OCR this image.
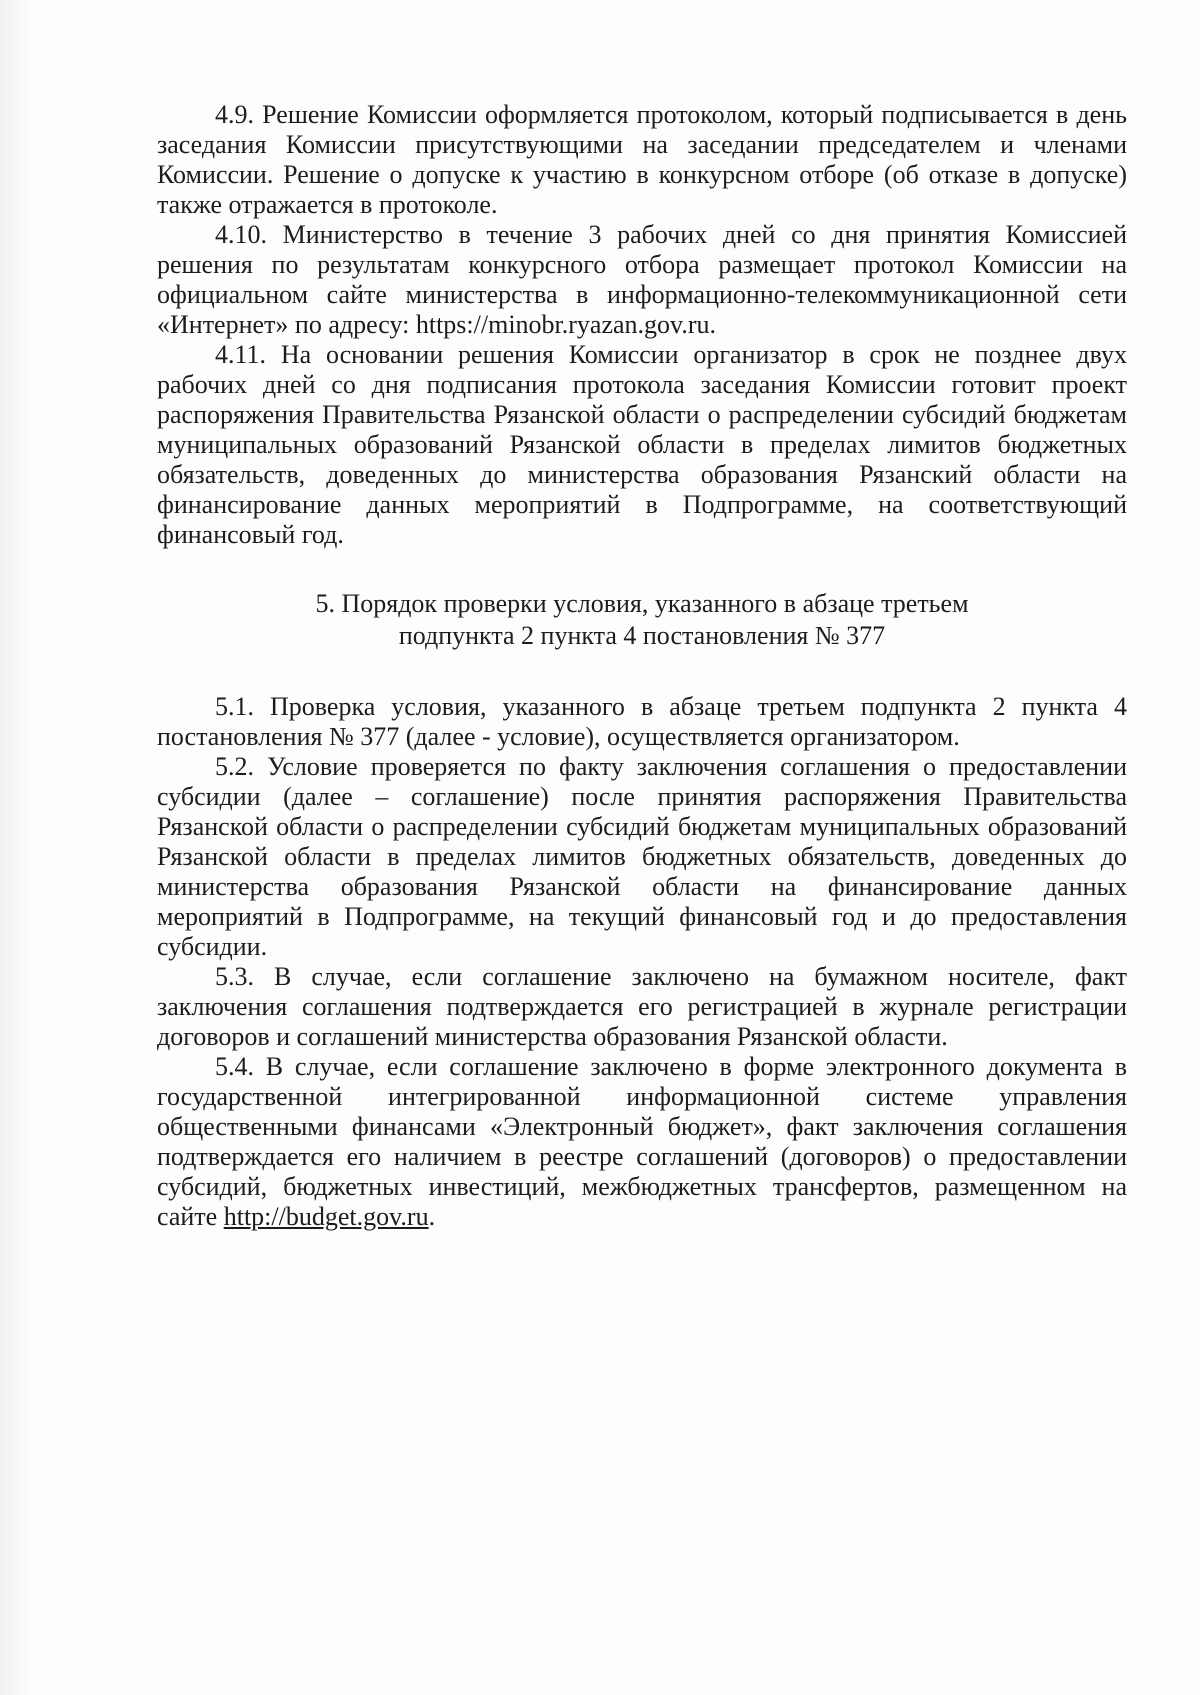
4.9. Решение Комиссии оформляется протоколом, который подписывается в день заседания Комиссии присутствующими на заседании председателем и членами Комиссии. Решение о допуске к участию в конкурсном отборе (об отказе в допуске) также отражается в протоколе.

4.10. Министерство в течение 3 рабочих дней со дня принятия Комиссией решения по результатам конкурсного отбора размещает протокол Комиссии на официальном сайте министерства в информационно-телекоммуникационной сети «Интернет» по адресу: https://minobr.ryazan.gov.ru.

4.11. На основании решения Комиссии организатор в срок не позднее двух рабочих дней со дня подписания протокола заседания Комиссии готовит проект распоряжения Правительства Рязанской области о распределении субсидий бюджетам муниципальных образований Рязанской области в пределах лимитов бюджетных обязательств, доведенных до министерства образования Рязанский области на финансирование данных мероприятий в Подпрограмме, на соответствующий финансовый год.

5. Порядок проверки условия, указанного в абзаце третьем
подпункта 2 пункта 4 постановления № 377

5.1. Проверка условия, указанного в абзаце третьем подпункта 2 пункта 4 постановления № 377 (далее - условие), осуществляется организатором.

5.2. Условие проверяется по факту заключения соглашения о предоставлении субсидии (далее – соглашение) после принятия распоряжения Правительства Рязанской области о распределении субсидий бюджетам муниципальных образований Рязанской области в пределах лимитов бюджетных обязательств, доведенных до министерства образования Рязанской области на финансирование данных мероприятий в Подпрограмме, на текущий финансовый год и до предоставления субсидии.

5.3. В случае, если соглашение заключено на бумажном носителе, факт заключения соглашения подтверждается его регистрацией в журнале регистрации договоров и соглашений министерства образования Рязанской области.

5.4. В случае, если соглашение заключено в форме электронного документа в государственной интегрированной информационной системе управления общественными финансами «Электронный бюджет», факт заключения соглашения подтверждается его наличием в реестре соглашений (договоров) о предоставлении субсидий, бюджетных инвестиций, межбюджетных трансфертов, размещенном на сайте http://budget.gov.ru.
